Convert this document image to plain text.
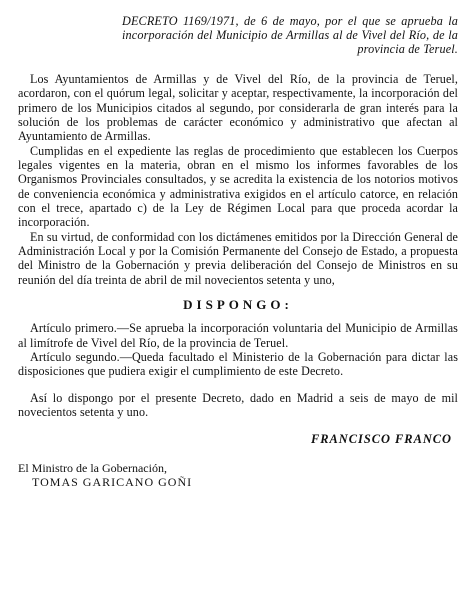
DECRETO 1169/1971, de 6 de mayo, por el que se aprueba la incorporación del Municipio de Armillas al de Vivel del Río, de la provincia de Teruel.

Los Ayuntamientos de Armillas y de Vivel del Río, de la provincia de Teruel, acordaron, con el quórum legal, solicitar y aceptar, respectivamente, la incorporación del primero de los Municipios citados al segundo, por considerarla de gran interés para la solución de los problemas de carácter económico y administrativo que afectan al Ayuntamiento de Armillas.

Cumplidas en el expediente las reglas de procedimiento que establecen los Cuerpos legales vigentes en la materia, obran en el mismo los informes favorables de los Organismos Provinciales consultados, y se acredita la existencia de los notorios motivos de conveniencia económica y administrativa exigidos en el artículo catorce, en relación con el trece, apartado c) de la Ley de Régimen Local para que proceda acordar la incorporación.

En su virtud, de conformidad con los dictámenes emitidos por la Dirección General de Administración Local y por la Comisión Permanente del Consejo de Estado, a propuesta del Ministro de la Gobernación y previa deliberación del Consejo de Ministros en su reunión del día treinta de abril de mil novecientos setenta y uno,

DISPONGO:

Artículo primero.—Se aprueba la incorporación voluntaria del Municipio de Armillas al limítrofe de Vivel del Río, de la provincia de Teruel.

Artículo segundo.—Queda facultado el Ministerio de la Gobernación para dictar las disposiciones que pudiera exigir el cumplimiento de este Decreto.

Así lo dispongo por el presente Decreto, dado en Madrid a seis de mayo de mil novecientos setenta y uno.

FRANCISCO FRANCO
El Ministro de la Gobernación,
TOMAS GARICANO GOÑI
